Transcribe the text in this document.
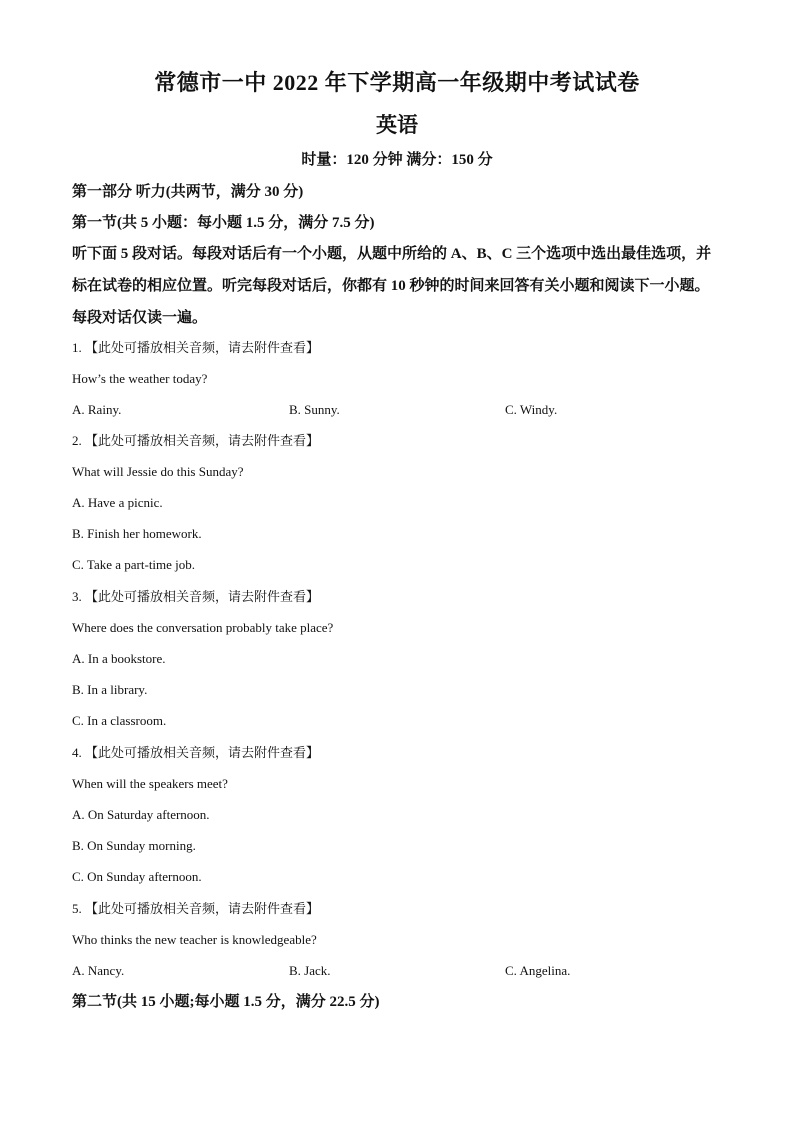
常德市一中 2022 年下学期高一年级期中考试试卷
英语
时量：120 分钟 满分：150 分
第一部分 听力(共两节，满分 30 分)
第一节(共 5 小题：每小题 1.5 分，满分 7.5 分)
听下面 5 段对话。每段对话后有一个小题，从题中所给的 A、B、C 三个选项中选出最佳选项，并标在试卷的相应位置。听完每段对话后，你都有 10 秒钟的时间来回答有关小题和阅读下一小题。每段对话仅读一遍。
1. 【此处可播放相关音频，请去附件查看】
How’s the weather today?
A. Rainy.	B. Sunny.	C. Windy.
2. 【此处可播放相关音频，请去附件查看】
What will Jessie do this Sunday?
A. Have a picnic.
B. Finish her homework.
C. Take a part-time job.
3. 【此处可播放相关音频，请去附件查看】
Where does the conversation probably take place?
A. In a bookstore.
B. In a library.
C. In a classroom.
4. 【此处可播放相关音频，请去附件查看】
When will the speakers meet?
A. On Saturday afternoon.
B. On Sunday morning.
C. On Sunday afternoon.
5. 【此处可播放相关音频，请去附件查看】
Who thinks the new teacher is knowledgeable?
A. Nancy.	B. Jack.	C. Angelina.
第二节(共 15 小题;每小题 1.5 分，满分 22.5 分)
